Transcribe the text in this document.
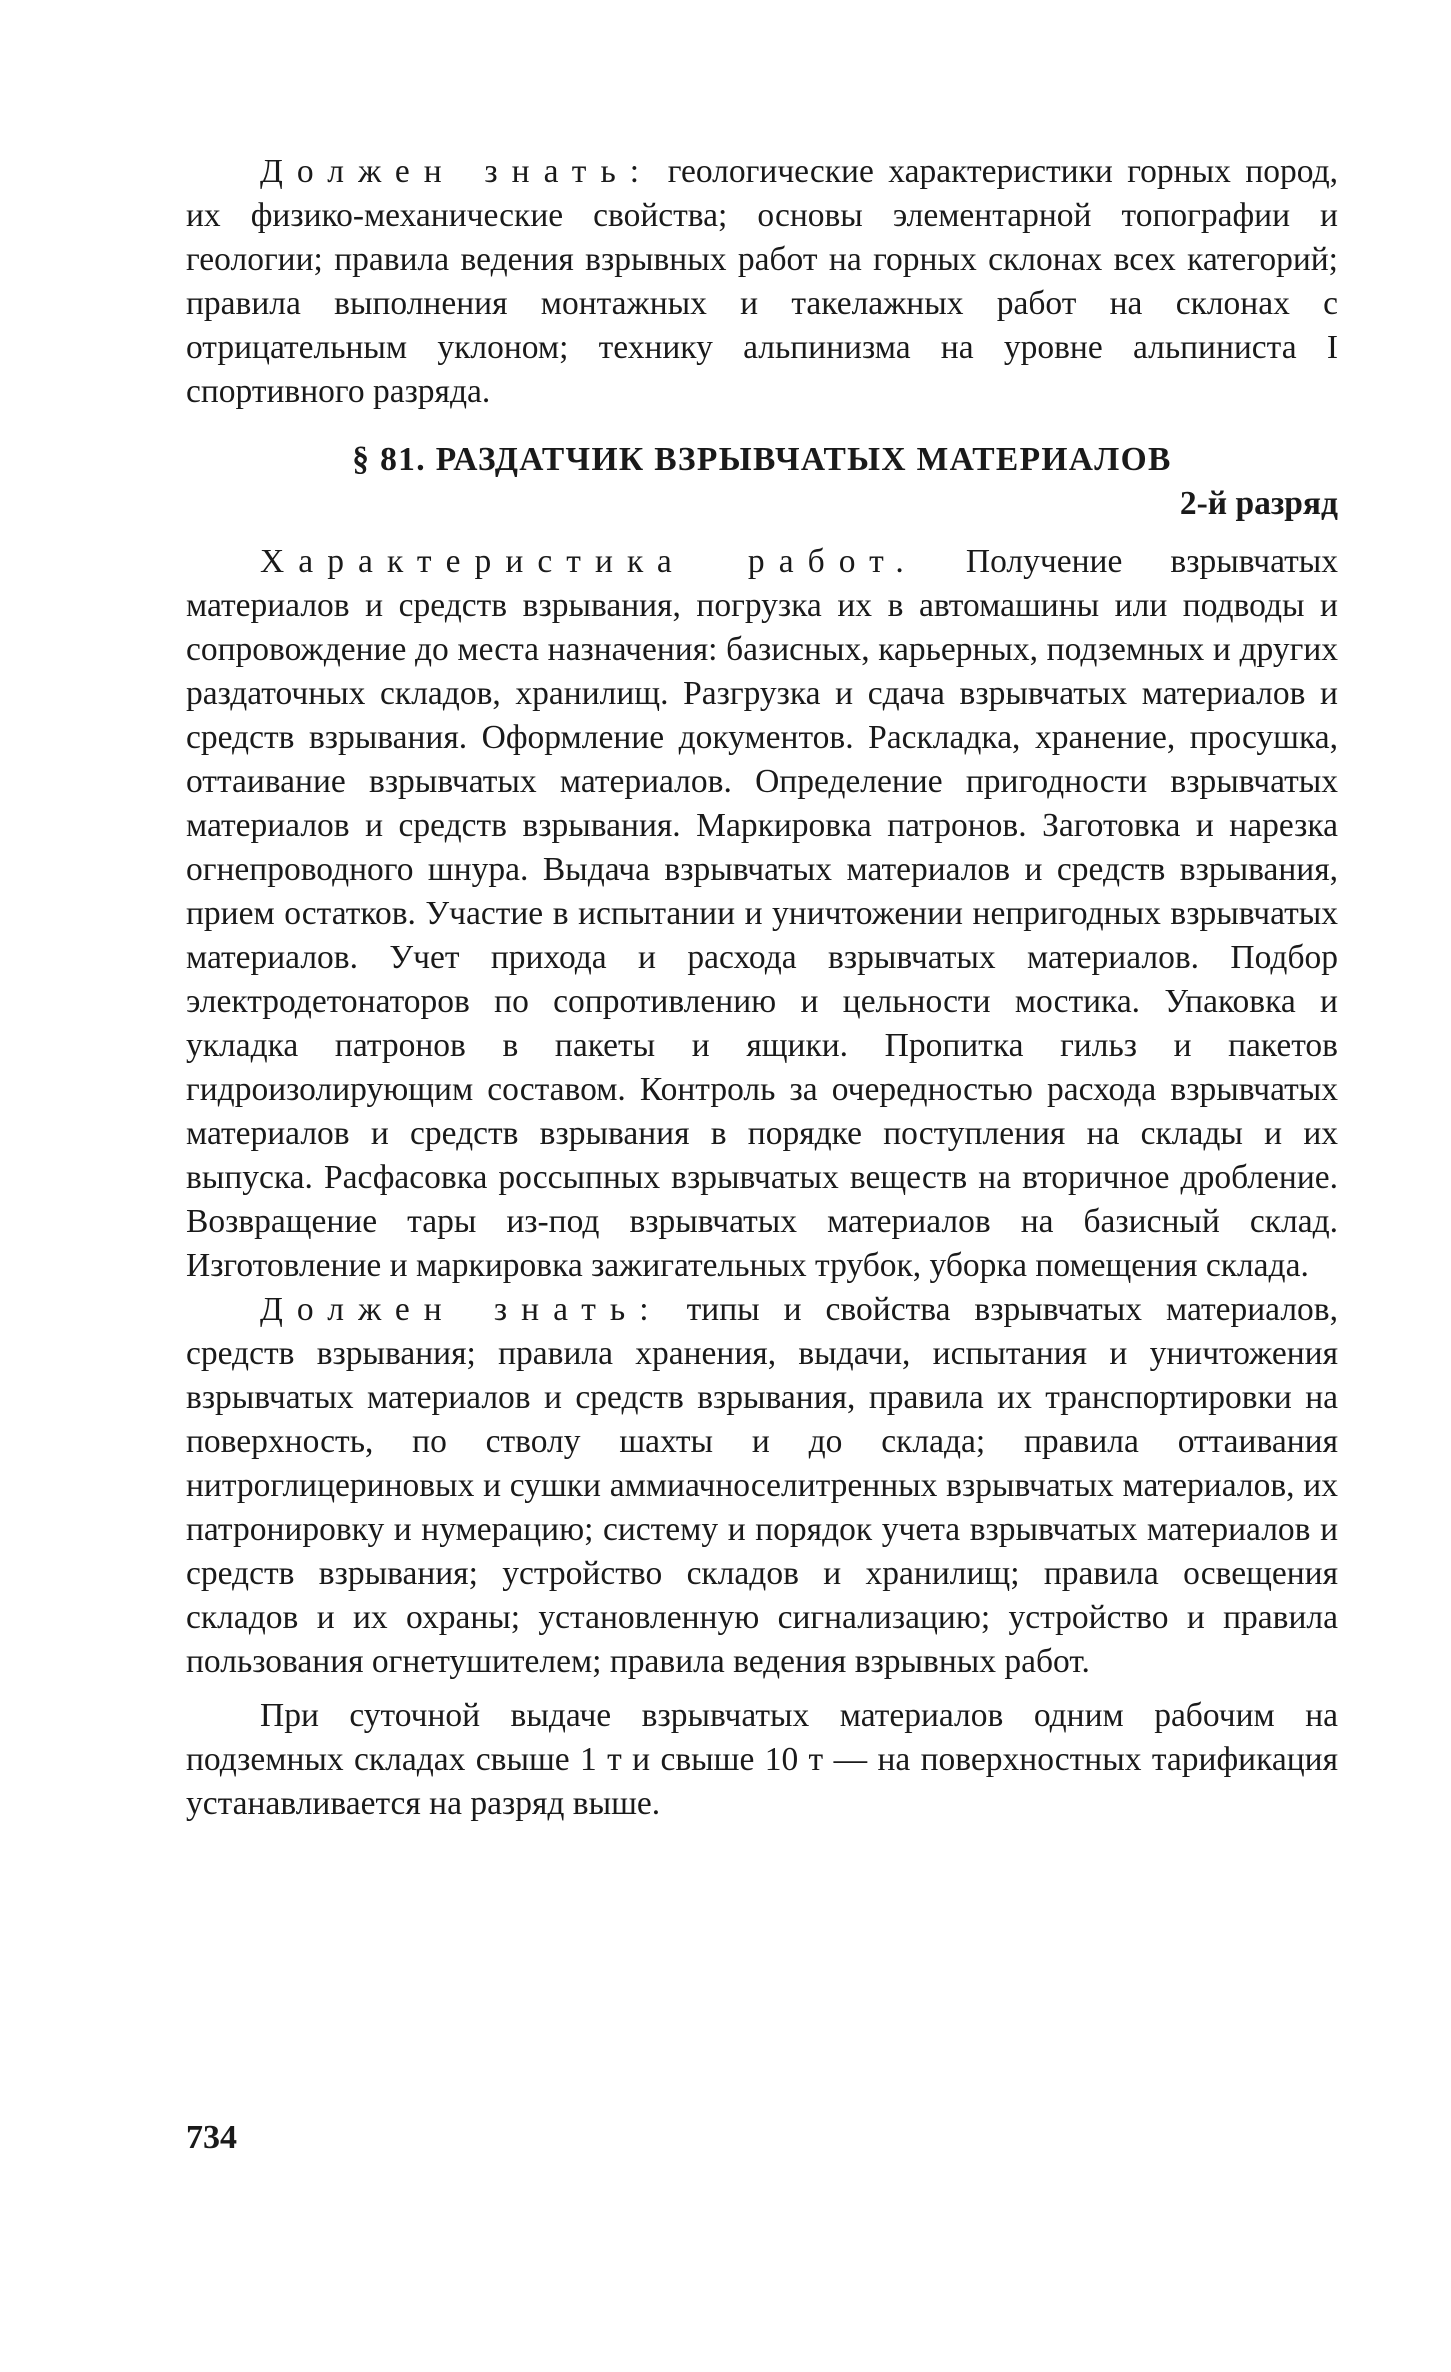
Должен знать: геологические характеристики горных пород, их физико-механические свойства; основы элементарной топографии и геологии; правила ведения взрывных работ на горных склонах всех категорий; правила выполнения монтажных и такелажных работ на склонах с отрицательным уклоном; технику альпинизма на уровне альпиниста I спортивного разряда.

§ 81. РАЗДАТЧИК ВЗРЫВЧАТЫХ МАТЕРИАЛОВ
2-й разряд

Характеристика работ. Получение взрывчатых материалов и средств взрывания, погрузка их в автомашины или подводы и сопровождение до места назначения: базисных, карьерных, подземных и других раздаточных складов, хранилищ. Разгрузка и сдача взрывчатых материалов и средств взрывания. Оформление документов. Раскладка, хранение, просушка, оттаивание взрывчатых материалов. Определение пригодности взрывчатых материалов и средств взрывания. Маркировка патронов. Заготовка и нарезка огнепроводного шнура. Выдача взрывчатых материалов и средств взрывания, прием остатков. Участие в испытании и уничтожении непригодных взрывчатых материалов. Учет прихода и расхода взрывчатых материалов. Подбор электродетонаторов по сопротивлению и цельности мостика. Упаковка и укладка патронов в пакеты и ящики. Пропитка гильз и пакетов гидроизолирующим составом. Контроль за очередностью расхода взрывчатых материалов и средств взрывания в порядке поступления на склады и их выпуска. Расфасовка россыпных взрывчатых веществ на вторичное дробление. Возвращение тары из-под взрывчатых материалов на базисный склад. Изготовление и маркировка зажигательных трубок, уборка помещения склада.

Должен знать: типы и свойства взрывчатых материалов, средств взрывания; правила хранения, выдачи, испытания и уничтожения взрывчатых материалов и средств взрывания, правила их транспортировки на поверхность, по стволу шахты и до склада; правила оттаивания нитроглицериновых и сушки аммиачноселитренных взрывчатых материалов, их патронировку и нумерацию; систему и порядок учета взрывчатых материалов и средств взрывания; устройство складов и хранилищ; правила освещения складов и их охраны; установленную сигнализацию; устройство и правила пользования огнетушителем; правила ведения взрывных работ.

При суточной выдаче взрывчатых материалов одним рабочим на подземных складах свыше 1 т и свыше 10 т — на поверхностных тарификация устанавливается на разряд выше.

734
